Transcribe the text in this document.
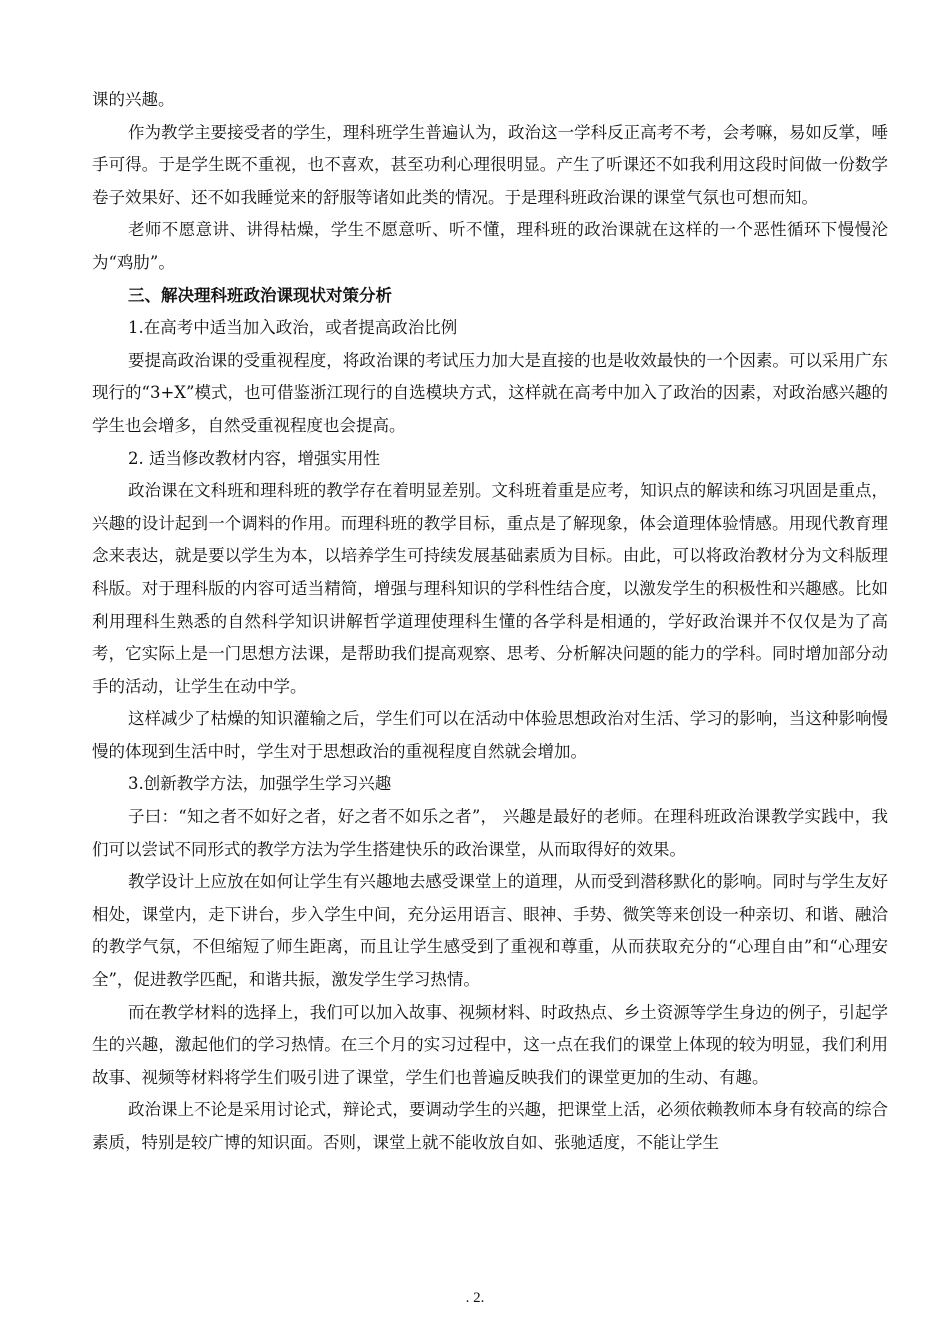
课的兴趣。

作为教学主要接受者的学生，理科班学生普遍认为，政治这一学科反正高考不考，会考嘛，易如反掌，唾手可得。于是学生既不重视，也不喜欢，甚至功利心理很明显。产生了听课还不如我利用这段时间做一份数学卷子效果好、还不如我睡觉来的舒服等诸如此类的情况。于是理科班政治课的课堂气氛也可想而知。

老师不愿意讲、讲得枯燥，学生不愿意听、听不懂，理科班的政治课就在这样的一个恶性循环下慢慢沦为“鸡肋”。

三、解决理科班政治课现状对策分析

1.在高考中适当加入政治，或者提高政治比例

要提高政治课的受重视程度，将政治课的考试压力加大是直接的也是收效最快的一个因素。可以采用广东现行的“3+X”模式，也可借鉴浙江现行的自选模块方式，这样就在高考中加入了政治的因素，对政治感兴趣的学生也会增多，自然受重视程度也会提高。

2. 适当修改教材内容，增强实用性

政治课在文科班和理科班的教学存在着明显差别。文科班着重是应考，知识点的解读和练习巩固是重点，兴趣的设计起到一个调料的作用。而理科班的教学目标，重点是了解现象，体会道理体验情感。用现代教育理念来表达，就是要以学生为本，以培养学生可持续发展基础素质为目标。由此，可以将政治教材分为文科版理科版。对于理科版的内容可适当精简，增强与理科知识的学科性结合度，以激发学生的积极性和兴趣感。比如利用理科生熟悉的自然科学知识讲解哲学道理使理科生懂的各学科是相通的，学好政治课并不仅仅是为了高考，它实际上是一门思想方法课，是帮助我们提高观察、思考、分析解决问题的能力的学科。同时增加部分动手的活动，让学生在动中学。

这样减少了枯燥的知识灌输之后，学生们可以在活动中体验思想政治对生活、学习的影响，当这种影响慢慢的体现到生活中时，学生对于思想政治的重视程度自然就会增加。

3.创新教学方法，加强学生学习兴趣

子曰：“知之者不如好之者，好之者不如乐之者”， 兴趣是最好的老师。在理科班政治课教学实践中，我们可以尝试不同形式的教学方法为学生搭建快乐的政治课堂，从而取得好的效果。

教学设计上应放在如何让学生有兴趣地去感受课堂上的道理，从而受到潜移默化的影响。同时与学生友好相处，课堂内，走下讲台，步入学生中间，充分运用语言、眼神、手势、微笑等来创设一种亲切、和谐、融洽的教学气氛，不但缩短了师生距离，而且让学生感受到了重视和尊重，从而获取充分的“心理自由”和“心理安全”，促进教学匹配，和谐共振，激发学生学习热情。

而在教学材料的选择上，我们可以加入故事、视频材料、时政热点、乡土资源等学生身边的例子，引起学生的兴趣，激起他们的学习热情。在三个月的实习过程中，这一点在我们的课堂上体现的较为明显，我们利用故事、视频等材料将学生们吸引进了课堂，学生们也普遍反映我们的课堂更加的生动、有趣。

政治课上不论是采用讨论式，辩论式，要调动学生的兴趣，把课堂上活，必须依赖教师本身有较高的综合素质，特别是较广博的知识面。否则，课堂上就不能收放自如、张驰适度，不能让学生

. 2.
